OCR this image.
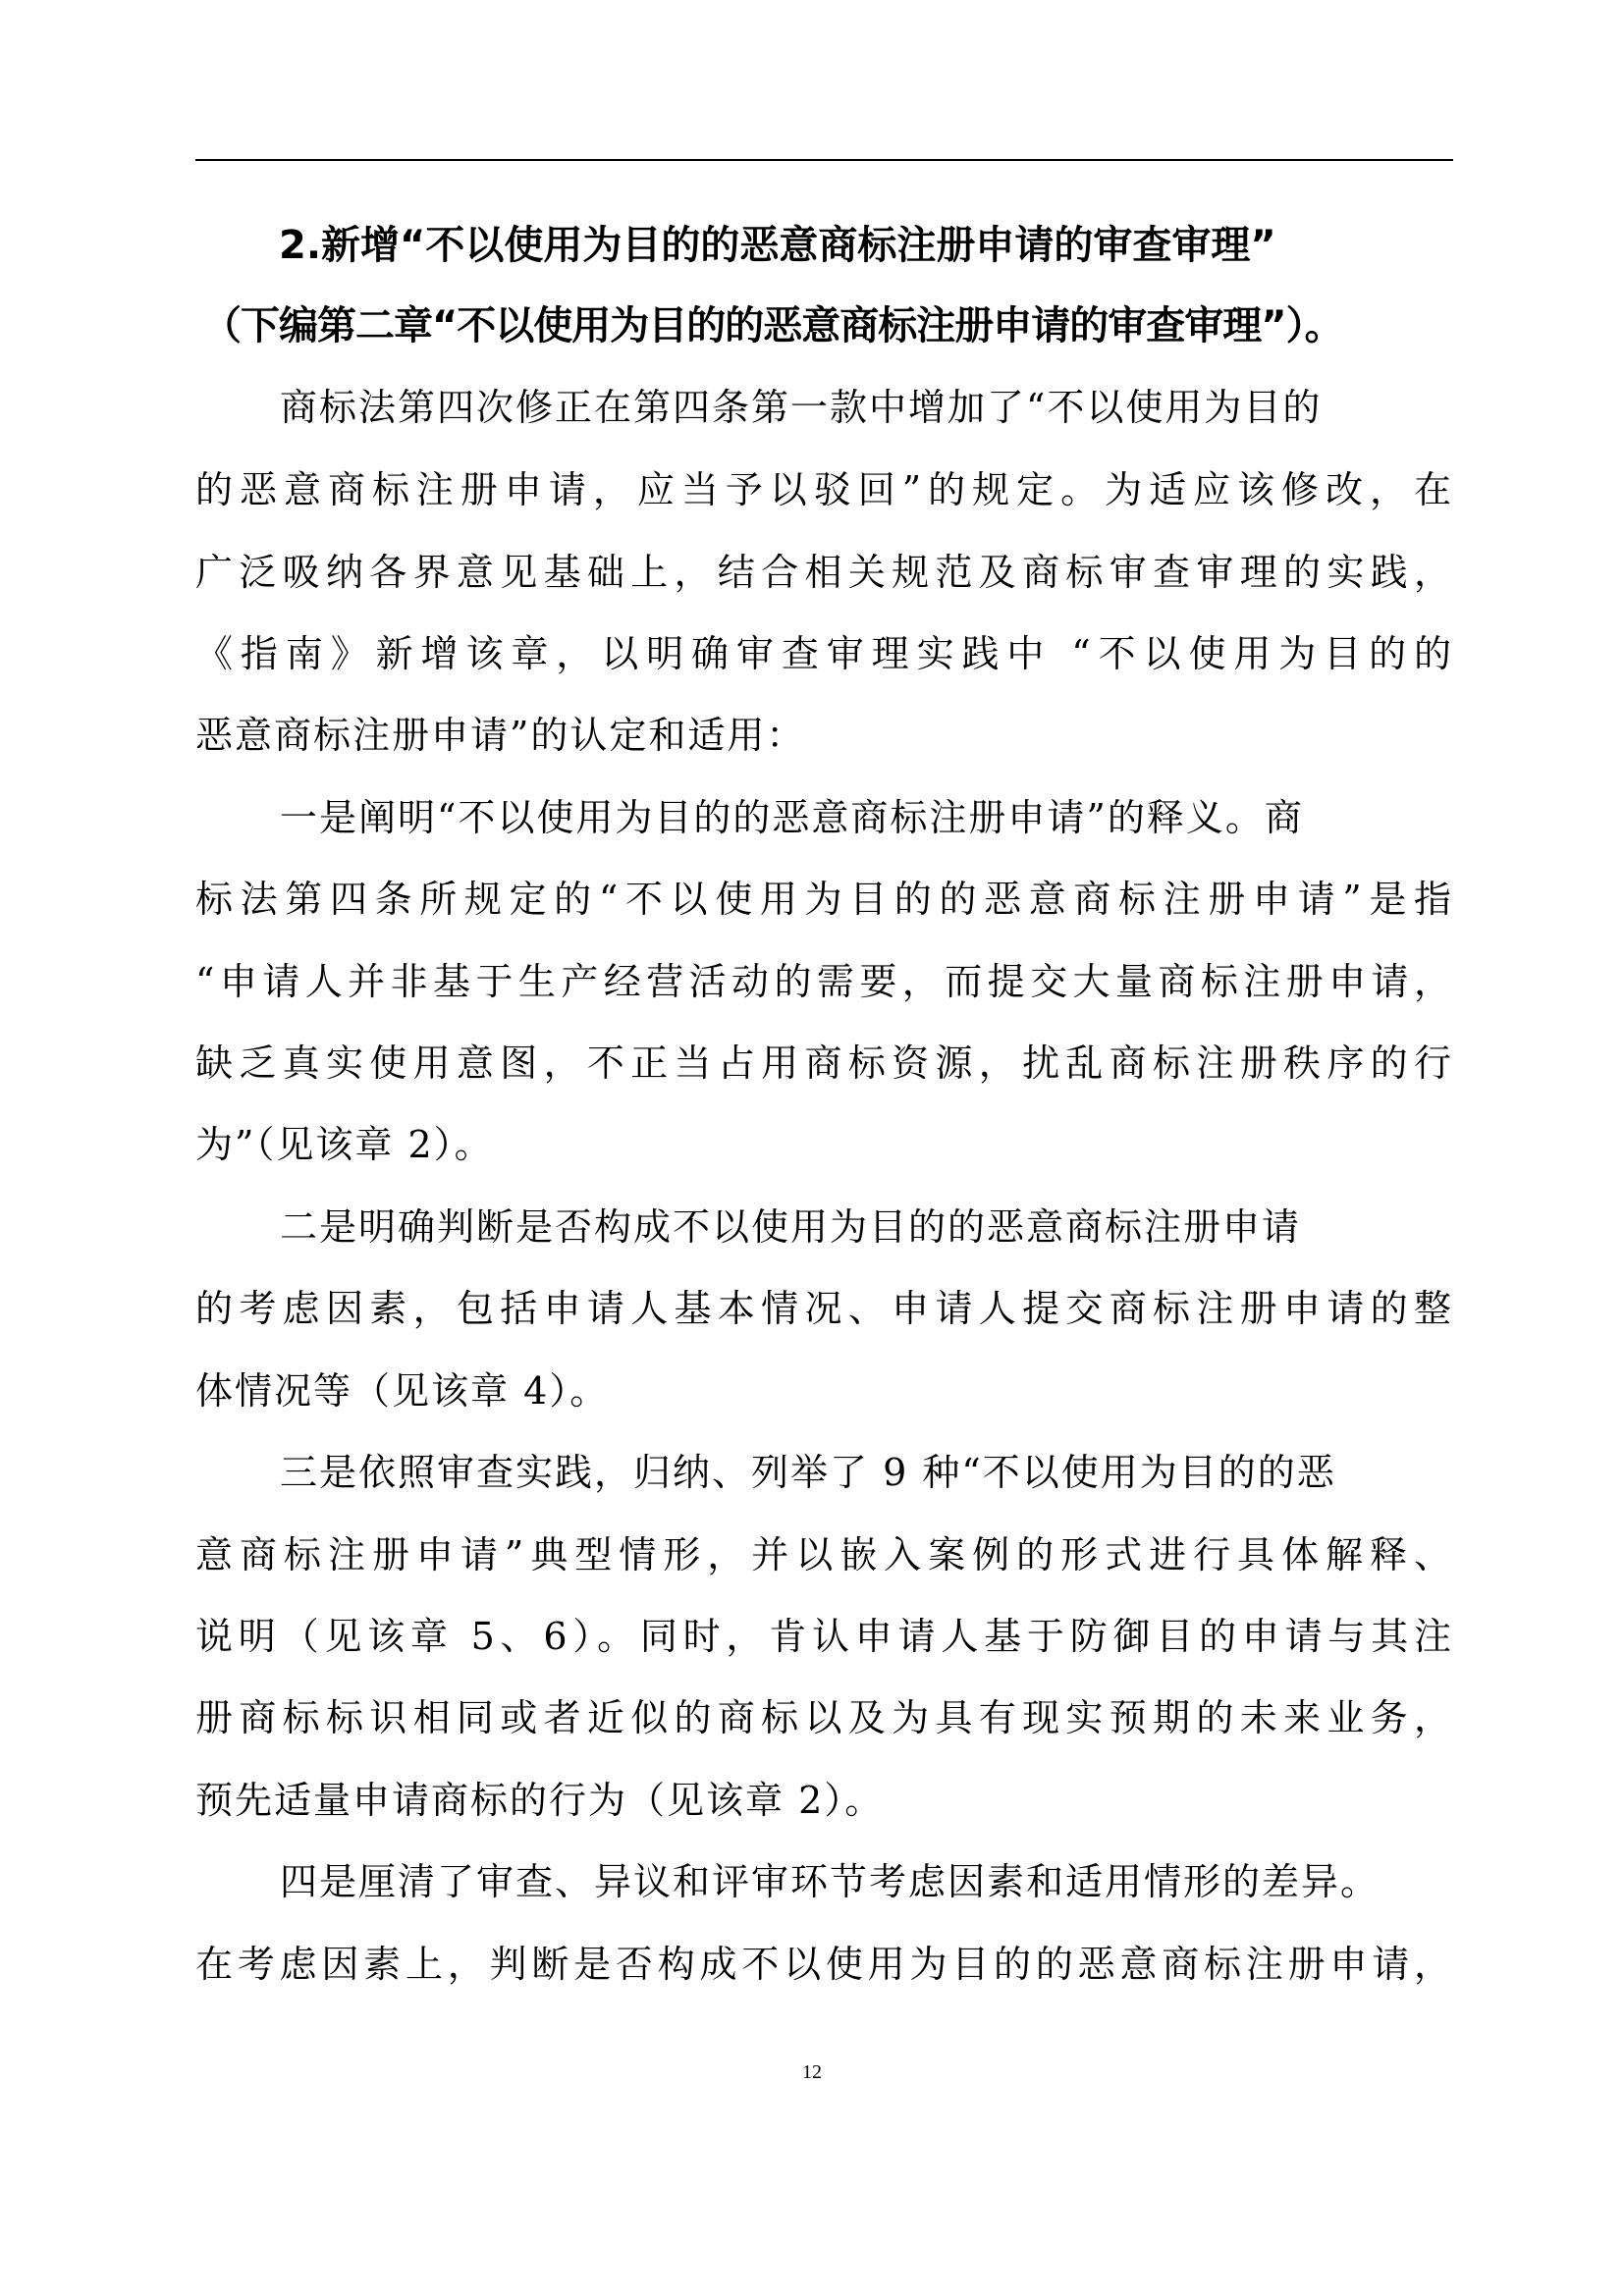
2.新增“不以使用为目的的恶意商标注册申请的审查审理”
（下编第二章“不以使用为目的的恶意商标注册申请的审查审理”）。
商标法第四次修正在第四条第一款中增加了“不以使用为目的
的恶意商标注册申请，应当予以驳回”的规定。为适应该修改，在
广泛吸纳各界意见基础上，结合相关规范及商标审查审理的实践，
《指南》新增该章，以明确审查审理实践中 “不以使用为目的的
恶意商标注册申请”的认定和适用：
一是阐明“不以使用为目的的恶意商标注册申请”的释义。商
标法第四条所规定的“不以使用为目的的恶意商标注册申请”是指
“申请人并非基于生产经营活动的需要，而提交大量商标注册申请，
缺乏真实使用意图，不正当占用商标资源，扰乱商标注册秩序的行
为”（见该章 2）。
二是明确判断是否构成不以使用为目的的恶意商标注册申请
的考虑因素，包括申请人基本情况、申请人提交商标注册申请的整
体情况等（见该章 4）。
三是依照审查实践，归纳、列举了 9 种“不以使用为目的的恶
意商标注册申请”典型情形，并以嵌入案例的形式进行具体解释、
说明（见该章 5、6）。同时，肯认申请人基于防御目的申请与其注
册商标标识相同或者近似的商标以及为具有现实预期的未来业务，
预先适量申请商标的行为（见该章 2）。
四是厘清了审查、异议和评审环节考虑因素和适用情形的差异。
在考虑因素上，判断是否构成不以使用为目的的恶意商标注册申请，
12
